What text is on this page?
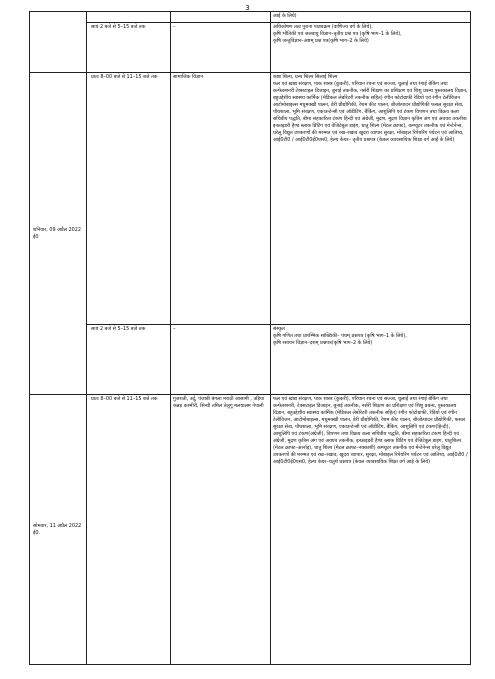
3

			आई के लिये)

	सायं 2 बजे से 5–15 बजे तक	–	अधिकोषण तत्व पुराना पाठ्यक्रम (वाणिज्य वर्ग के लिये),
कृषि भौतिकी एवं जलवायु विज्ञान–तृतीय प्रश्न पत्र (कृषि भाग–1 के लिये),
कृषि जन्तुविज्ञान–अष्टम् प्रश्न पत्र(कृषि भाग–2 के लिये)

शनिवार, 09 अप्रैल 2022 ई0	प्रातः 8–00 बजे से 11–15 बजे तक	सामाजिक विज्ञान	काष्ठ शिल्प, ग्रन्थ शिल्प सिलाई शिल्प
फल एवं खाद्य संरक्षण, पाक शास्त्र (कुकरी), परिधान रचना एवं सज्जा, धुलाई तथा रंगाई बेकिंग तथा कन्फेक्शनरी टेक्सटाइल डिजाइन, बुनाई तकनीक, नर्सरी शिक्षण का प्रशिक्षण एवं शिशु प्रबन्ध पुस्तकालय विज्ञान, बहुउद्देशीय स्वास्थ्य कार्मिक (मेडिकल लेबोरेटरी तकनीक सहित) रंगीन फोटोग्राफी रेडियो एवं रंगीन टेलीविजन आटोमोबाइल्स मधुमक्खी पालन, डेरी प्रौद्योगिकी, रेशम कीट पालन, बीजोत्पादन प्रौद्योगिकी फसल सुरक्षा सेवा, पौधशाला, भूमि संरक्षण, एकाउन्टेन्सी एवं ऑडीटिंग, बैंकिंग, आशुलिपि एवं टंकण विपणन तथा विक्रय कला सचिवीय पद्धति, बीमा सहकारिता टंकण हिन्दी एवं अंग्रेजी, मुद्रण, मुद्रण विज्ञान कृत्रिम अंग एवं अवयव तकनीक इन्फ्राइडरी हैण्ड ब्लाक प्रिंटिंग एवं वेजिटेबुल डाइंग, धातु शिल्प (मेटल क्राफ्ट), कम्प्यूटर तकनीक एवं मेन्टेनेन्स, घरेलू विद्युत उपकरणों की मरम्मत एवं रख–रखाव खुदरा व्यापार सुरक्षा, मोबाइल रिपेयरिंग पर्यटन एवं आतिथ्य, आई0टी0 / आई0टी0ई0एस0, हेल्थ केयर– तृतीय प्रश्नपत्र (केवल व्यावसायिक शिक्षा वर्ग आई के लिये)

	सायं 2 बजे से 5–15 बजे तक	–	संस्कृत
कृषि गणित तथा प्रारम्भिक सांख्यिकी– पंचम् प्रश्नपत्र (कृषि भाग–1 के लिये),
कृषि रसायन विज्ञान–दशम् प्रश्नपत्र(कृषि भाग–2 के लिये)

सोमवार, 11 अप्रैल 2022 ई0.	प्रातः 8–00 बजे से 11–15 बजे तक	गुजराती, उर्दू, पंजाबी बंगला मराठी आसामी , उड़िया कन्नड़ कश्मीरी, सिन्धी तमिल तेलुगू मलयालम नेपाली	फल एवं खाद्य संरक्षण, पाक शास्त्र (कुकरी), परिधान रचना एवं सज्जा, धुलाई तथा रंगाई बेकिंग तथा कन्फेक्शनरी, टेक्सटाइल डिजाइन, बुनाई तकनीक, नर्सरी शिक्षण का प्रशिक्षण एवं शिशु प्रबन्ध, पुस्तकालय विज्ञान, बहुउद्देशीय स्वास्थ्य कार्मिक (मेडिकल लेबोरेटरी तकनीक सहित) रंगीन फोटोग्राफी, रेडियो एवं रंगीन टेलीविजन, आटोमोबाइल्स, मधुमक्खी पालन, डेरी प्रौद्योगिकी, रेशम कीट पालन, बीजोत्पादन प्रौद्योगिकी, फसल सुरक्षा सेवा, पौधशाला, भूमि संरक्षण, एकाउन्टेन्सी एवं ऑडीटिंग, बैंकिंग, आशुलिपि एवं टंकण(हिन्दी), आशुलिपि एवं टंकण(अंग्रेजी), विपणन तथा विक्रय कला सचिवीय पद्धति, बीमा सहकारिता टंकण हिन्दी एवं अंग्रेजी, मुद्रण कृत्रिम अंग एवं अवयव तकनीक, इन्फ्राइडरी हैण्ड ब्लाक प्रिंटिंग एवं वेजिटेबुल डाइंग, धातुशिल्प (मेटल क्राफ्ट–आर्नाइ), धातु शिल्प (मेटल क्राफ्ट–नक्काशी) कम्प्यूटर तकनीक एवं मेन्टेनेन्स घरेलू विद्युत उपकरणों की मरम्मत एवं रख–रखाव, खुदरा व्यापार, सुरक्षा, मोबाइल रिपेयरिंग पर्यटन एवं आतिथ्य, आई0टी0 / आई0टी0ई0एस0, हेल्थ केयर–चतुर्थ प्रश्नपत्र (केवल व्यावसायिक शिक्षा वर्ग आई के लिये)
